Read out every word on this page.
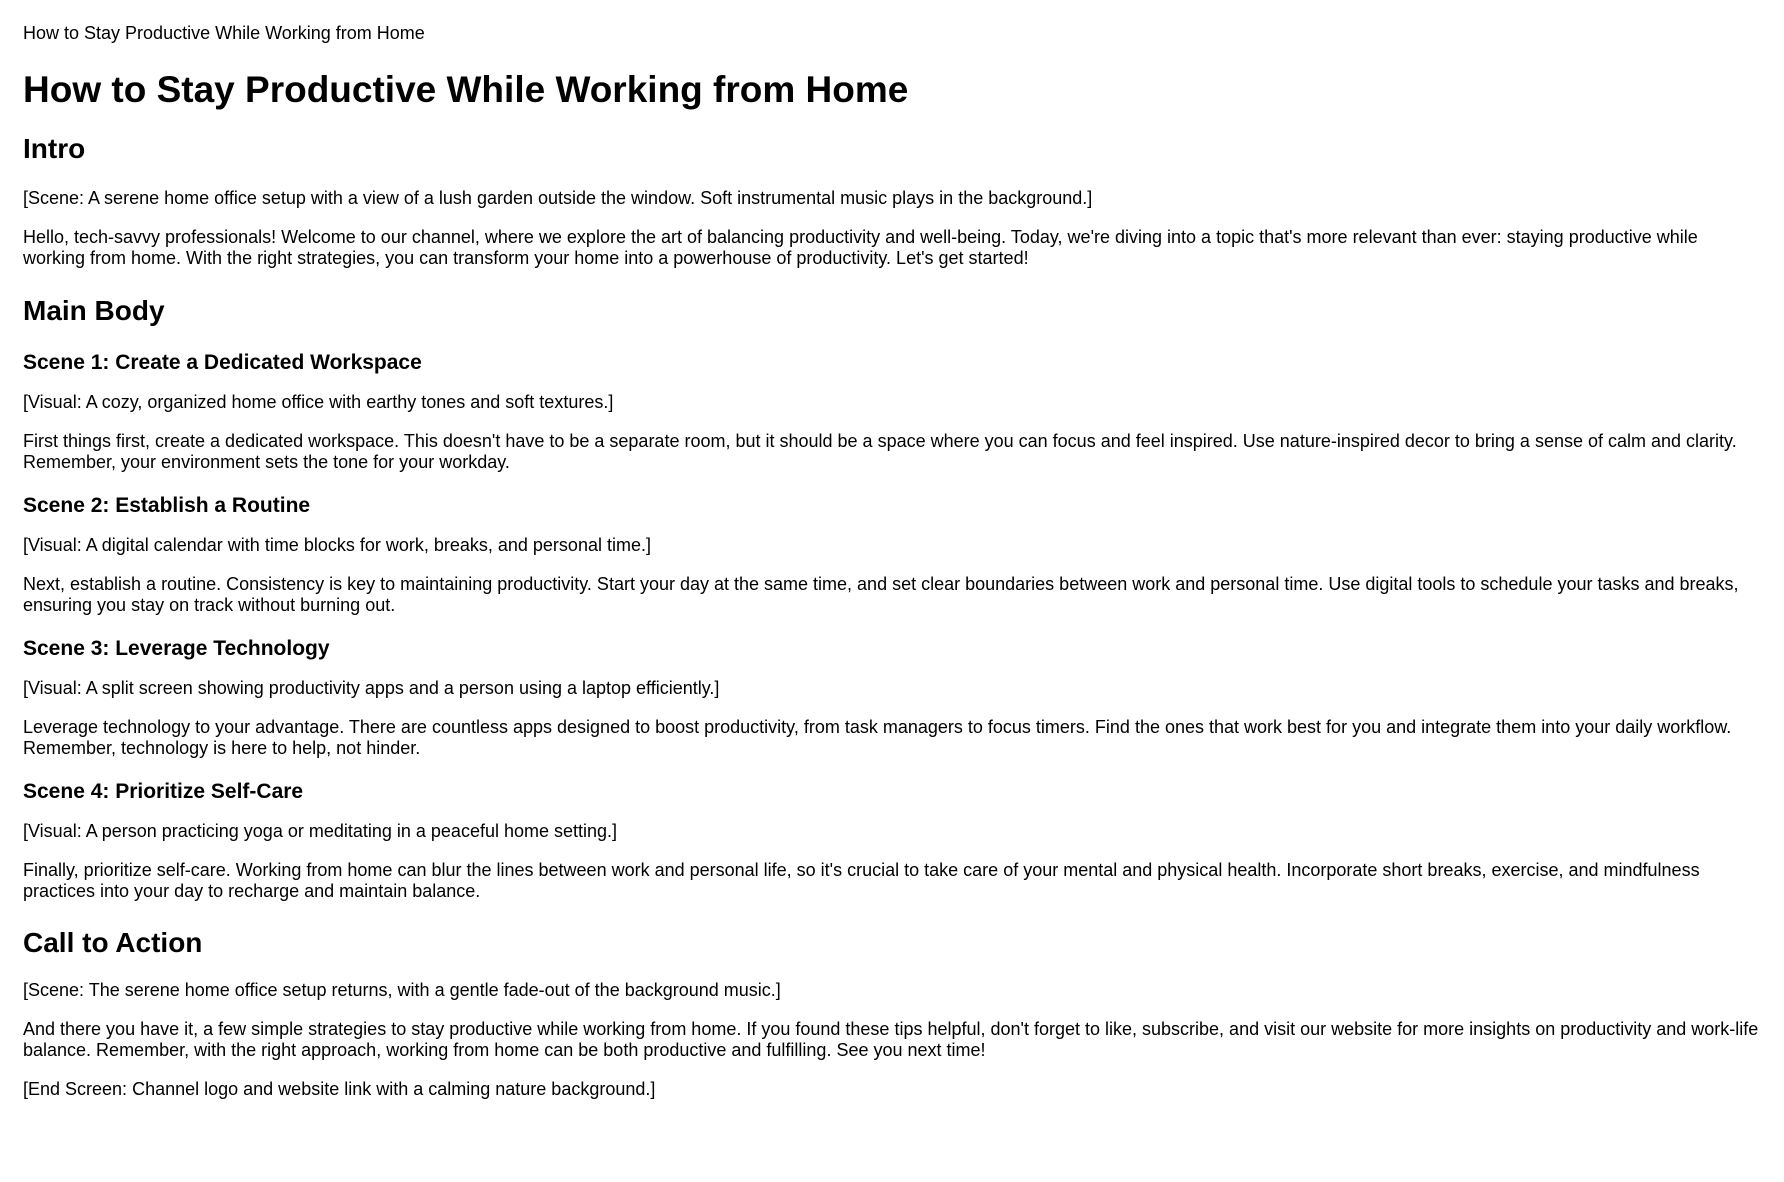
How to Stay Productive While Working from Home

How to Stay Productive While Working from Home
Intro

[Scene: A serene home office setup with a view of a lush garden outside the window. Soft instrumental music plays in the background.]

Hello, tech-savvy professionals! Welcome to our channel, where we explore the art of balancing productivity and well-being. Today, we're diving into a topic that's more relevant than ever: staying productive while working from home. With the right strategies, you can transform your home into a powerhouse of productivity. Let's get started!

Main Body
Scene 1: Create a Dedicated Workspace

[Visual: A cozy, organized home office with earthy tones and soft textures.]

First things first, create a dedicated workspace. This doesn't have to be a separate room, but it should be a space where you can focus and feel inspired. Use nature-inspired decor to bring a sense of calm and clarity. Remember, your environment sets the tone for your workday.

Scene 2: Establish a Routine

[Visual: A digital calendar with time blocks for work, breaks, and personal time.]

Next, establish a routine. Consistency is key to maintaining productivity. Start your day at the same time, and set clear boundaries between work and personal time. Use digital tools to schedule your tasks and breaks, ensuring you stay on track without burning out.

Scene 3: Leverage Technology

[Visual: A split screen showing productivity apps and a person using a laptop efficiently.]

Leverage technology to your advantage. There are countless apps designed to boost productivity, from task managers to focus timers. Find the ones that work best for you and integrate them into your daily workflow. Remember, technology is here to help, not hinder.

Scene 4: Prioritize Self-Care

[Visual: A person practicing yoga or meditating in a peaceful home setting.]

Finally, prioritize self-care. Working from home can blur the lines between work and personal life, so it's crucial to take care of your mental and physical health. Incorporate short breaks, exercise, and mindfulness practices into your day to recharge and maintain balance.

Call to Action

[Scene: The serene home office setup returns, with a gentle fade-out of the background music.]

And there you have it, a few simple strategies to stay productive while working from home. If you found these tips helpful, don't forget to like, subscribe, and visit our website for more insights on productivity and work-life balance. Remember, with the right approach, working from home can be both productive and fulfilling. See you next time!

[End Screen: Channel logo and website link with a calming nature background.]
